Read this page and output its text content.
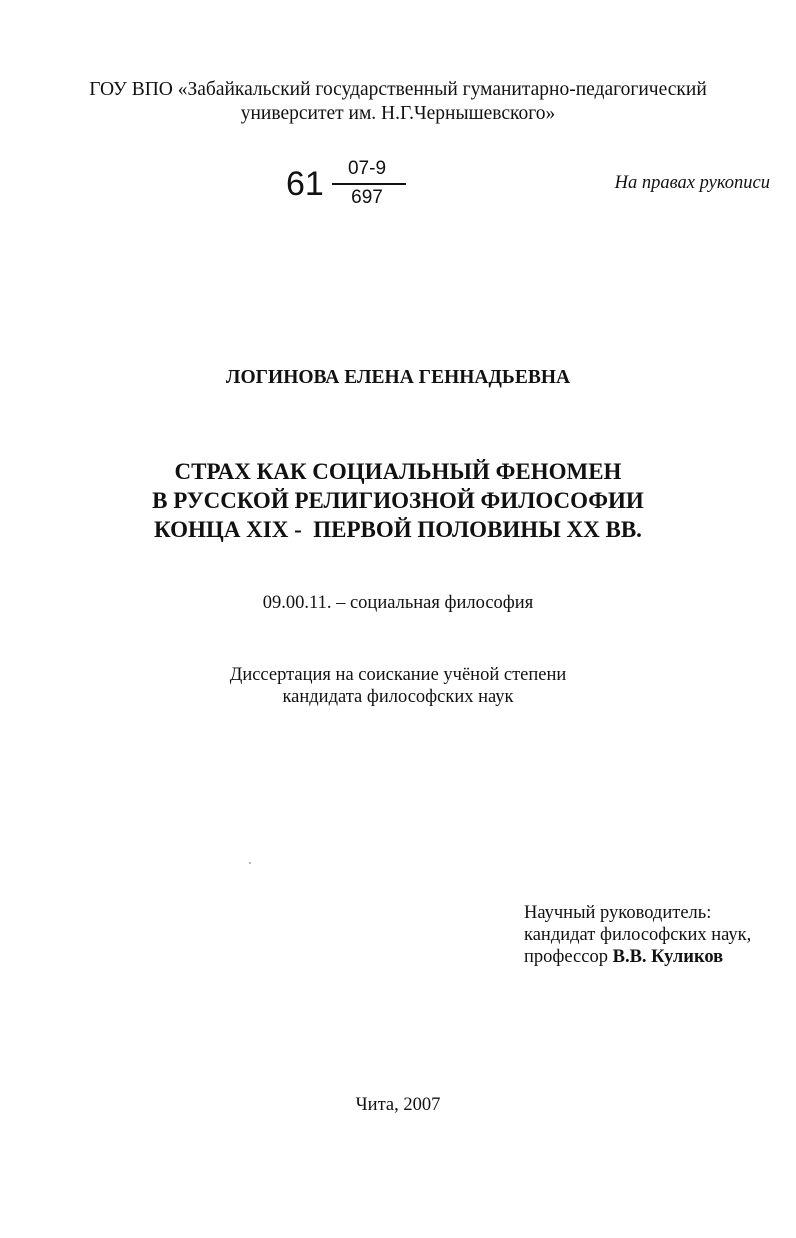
ГОУ ВПО «Забайкальский государственный гуманитарно-педагогический
университет им. Н.Г.Чернышевского»
61	07-9
697
На правах рукописи
ЛОГИНОВА ЕЛЕНА ГЕННАДЬЕВНА
СТРАХ КАК СОЦИАЛЬНЫЙ ФЕНОМЕН
В РУССКОЙ РЕЛИГИОЗНОЙ ФИЛОСОФИИ
КОНЦА XIX -  ПЕРВОЙ ПОЛОВИНЫ XX ВВ.
09.00.11. – социальная философия
Диссертация на соискание учёной степени
кандидата философских наук
Научный руководитель:
кандидат философских наук,
профессор В.В. Куликов
Чита, 2007
